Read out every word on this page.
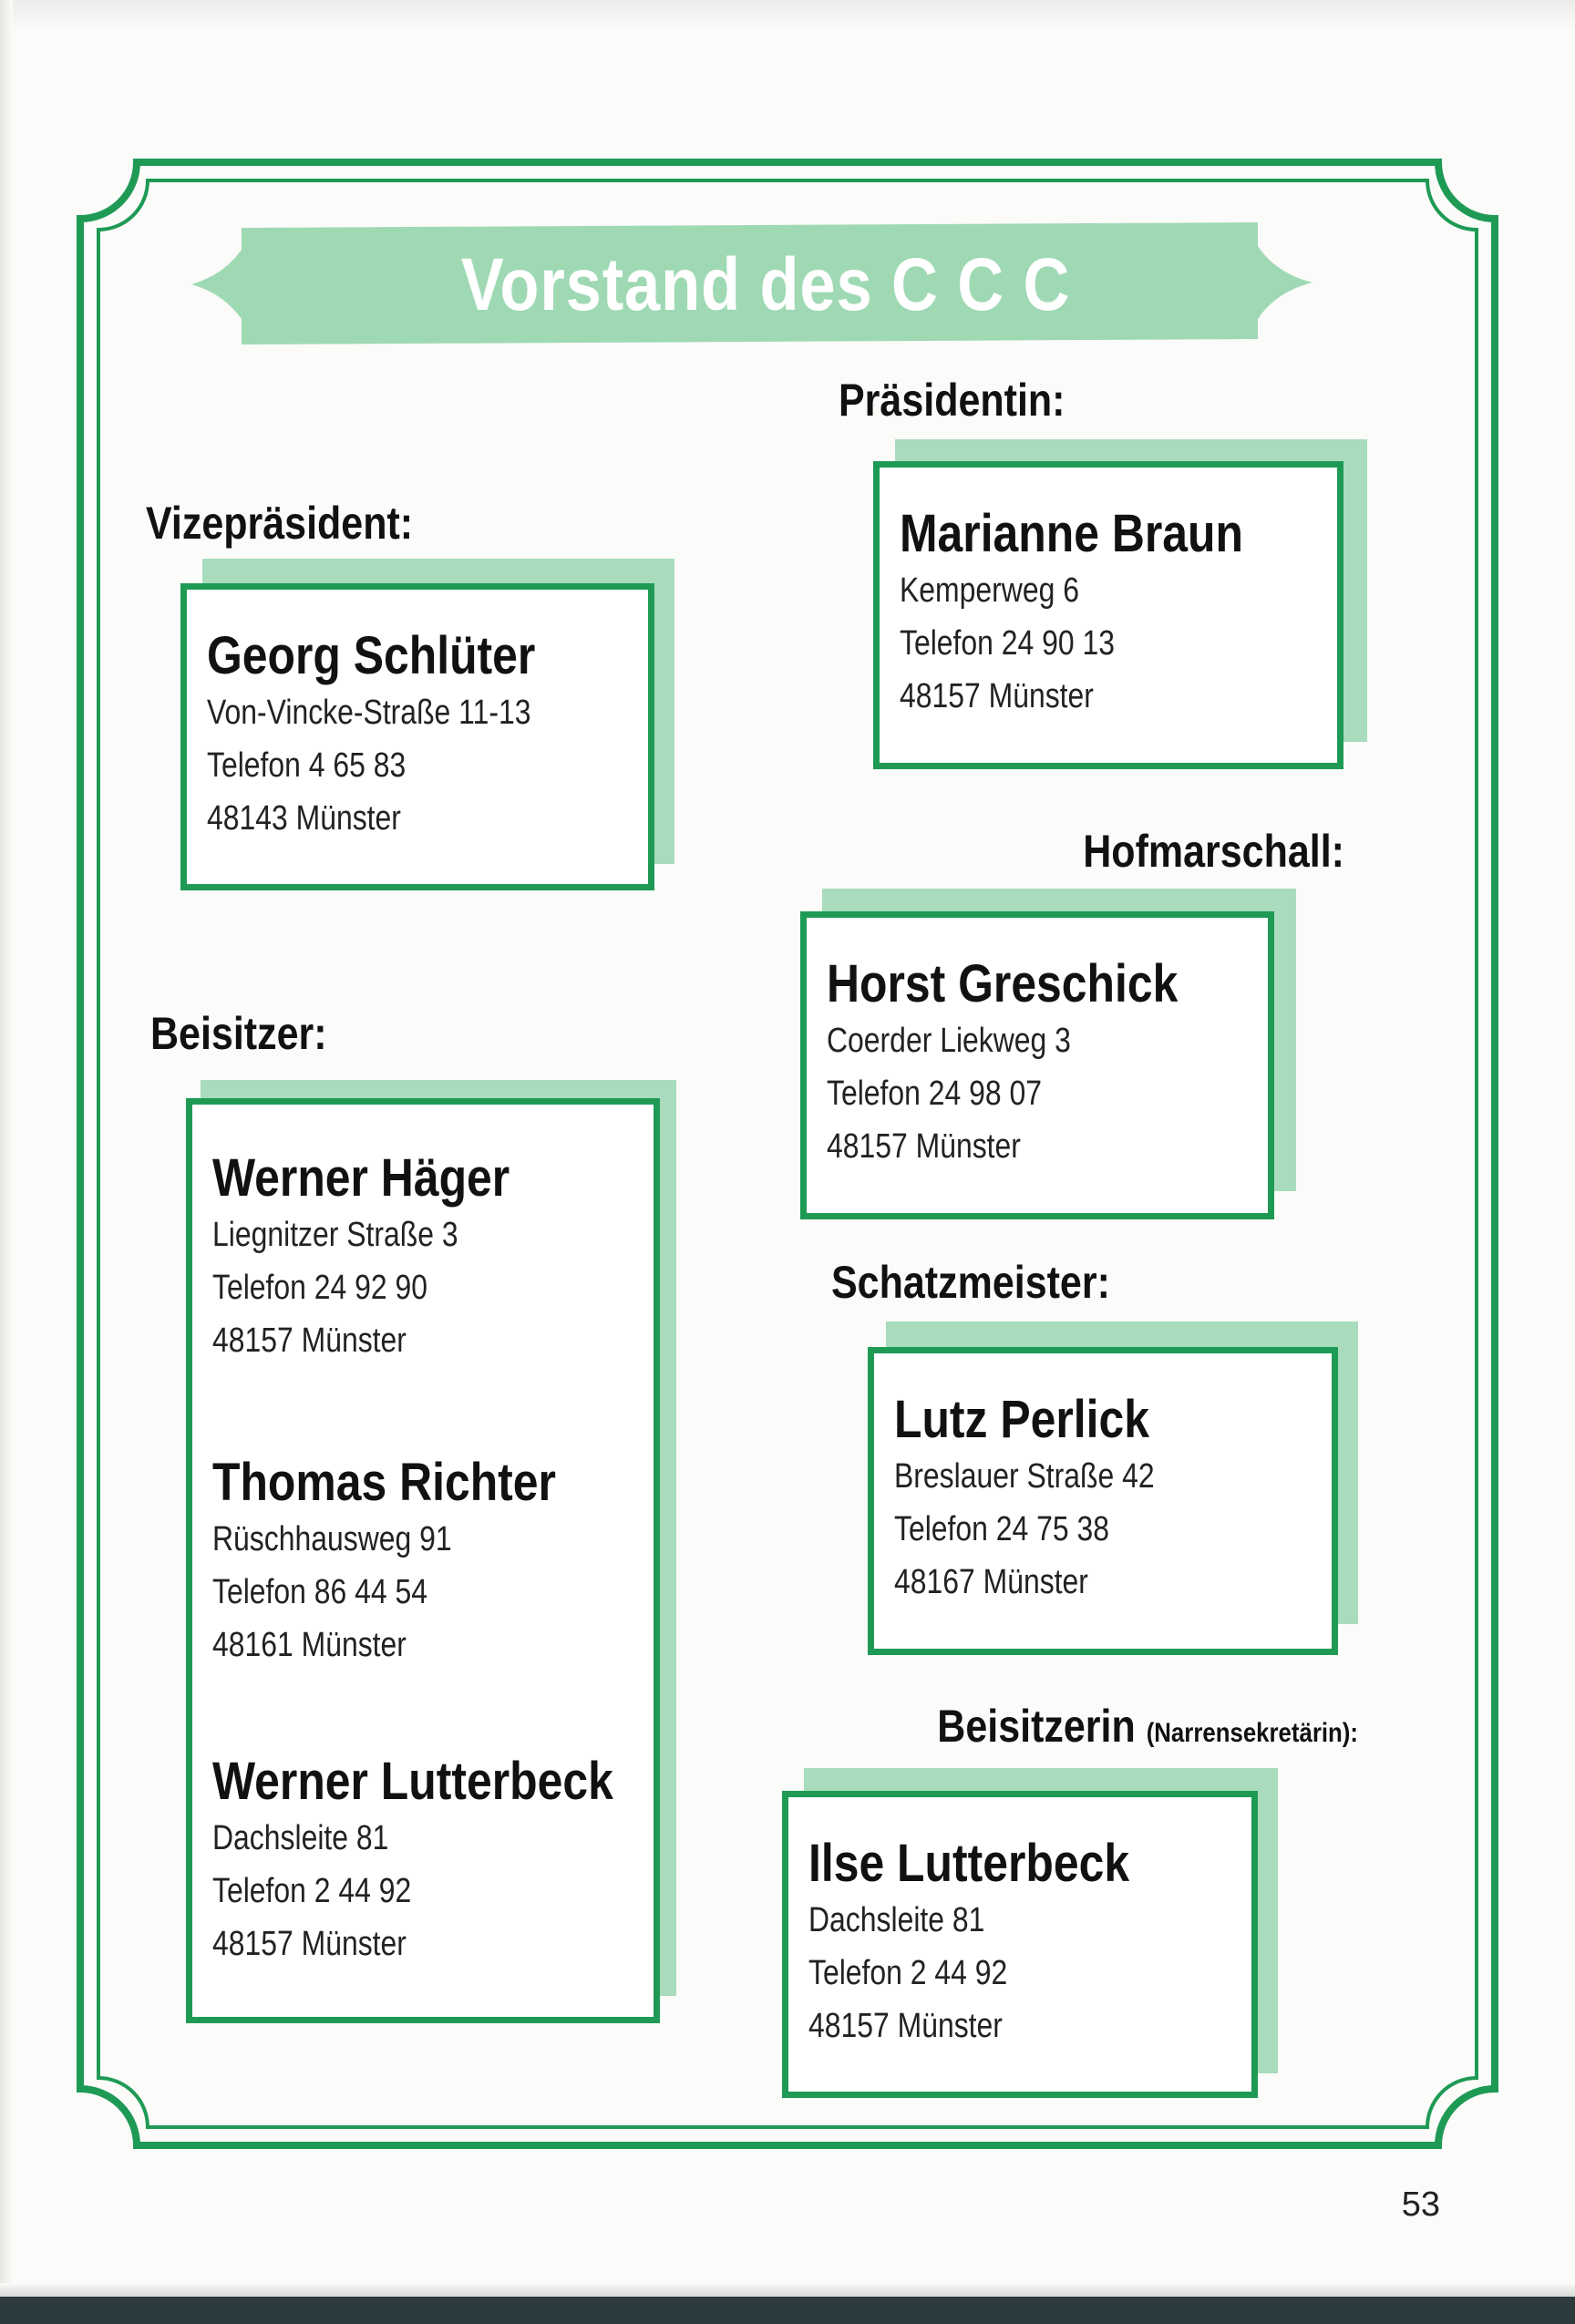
Vorstand des C C C
Präsidentin:
Marianne Braun
Kemperweg 6
Telefon 24 90 13
48157 Münster
Vizepräsident:
Georg Schlüter
Von-Vincke-Straße 11-13
Telefon 4 65 83
48143 Münster
Hofmarschall:
Horst Greschick
Coerder Liekweg 3
Telefon 24 98 07
48157 Münster
Beisitzer:
Werner Häger
Liegnitzer Straße 3
Telefon 24 92 90
48157 Münster
Thomas Richter
Rüschhausweg 91
Telefon 86 44 54
48161 Münster
Werner Lutterbeck
Dachsleite 81
Telefon 2 44 92
48157 Münster
Schatzmeister:
Lutz Perlick
Breslauer Straße 42
Telefon 24 75 38
48167 Münster
Beisitzerin (Narrensekretärin):
Ilse Lutterbeck
Dachsleite 81
Telefon 2 44 92
48157 Münster
53
